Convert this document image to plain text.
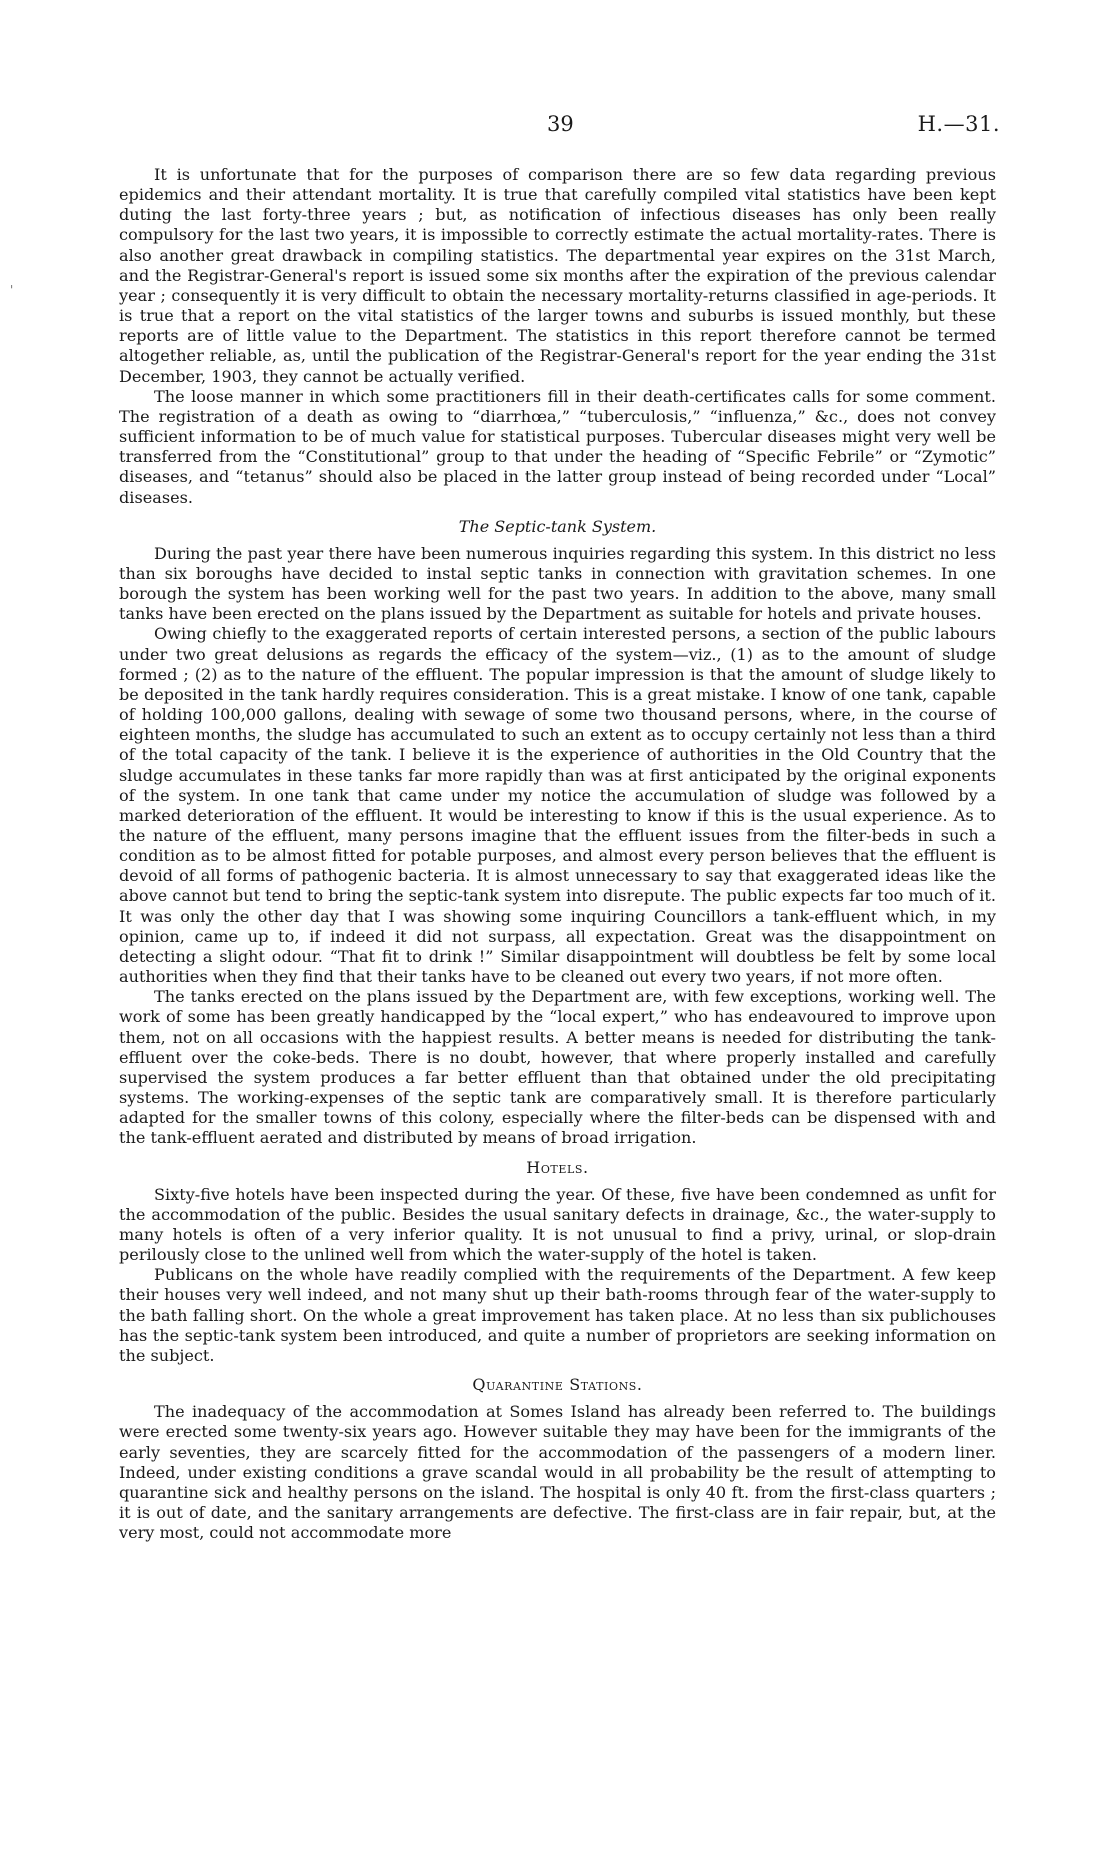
39	H.—31.
'

It is unfortunate that for the purposes of comparison there are so few data regarding previous epidemics and their attendant mortality. It is true that carefully compiled vital statistics have been kept duting the last forty-three years ; but, as notification of infectious diseases has only been really compulsory for the last two years, it is impossible to correctly estimate the actual mortality-rates. There is also another great drawback in compiling statistics. The departmental year expires on the 31st March, and the Registrar-General's report is issued some six months after the expiration of the previous calendar year ; consequently it is very difficult to obtain the necessary mortality-returns classified in age-periods. It is true that a report on the vital statistics of the larger towns and suburbs is issued monthly, but these reports are of little value to the Department. The statistics in this report therefore cannot be termed altogether reliable, as, until the publication of the Registrar-General's report for the year ending the 31st December, 1903, they cannot be actually verified.

The loose manner in which some practitioners fill in their death-certificates calls for some comment. The registration of a death as owing to “diarrhœa,” “tuberculosis,” “influenza,” &c., does not convey sufficient information to be of much value for statistical purposes. Tubercular diseases might very well be transferred from the “Constitutional” group to that under the heading of “Specific Febrile” or “Zymotic” diseases, and “tetanus” should also be placed in the latter group instead of being recorded under “Local” diseases.

The Septic-tank System.

During the past year there have been numerous inquiries regarding this system. In this district no less than six boroughs have decided to instal septic tanks in connection with gravitation schemes. In one borough the system has been working well for the past two years. In addition to the above, many small tanks have been erected on the plans issued by the Department as suitable for hotels and private houses.

Owing chiefly to the exaggerated reports of certain interested persons, a section of the public labours under two great delusions as regards the efficacy of the system—viz., (1) as to the amount of sludge formed ; (2) as to the nature of the effluent. The popular impression is that the amount of sludge likely to be deposited in the tank hardly requires consideration. This is a great mistake. I know of one tank, capable of holding 100,000 gallons, dealing with sewage of some two thousand persons, where, in the course of eighteen months, the sludge has accumulated to such an extent as to occupy certainly not less than a third of the total capacity of the tank. I believe it is the experience of authorities in the Old Country that the sludge accumulates in these tanks far more rapidly than was at first anticipated by the original exponents of the system. In one tank that came under my notice the accumulation of sludge was followed by a marked deterioration of the effluent. It would be interesting to know if this is the usual experience. As to the nature of the effluent, many persons imagine that the effluent issues from the filter-beds in such a condition as to be almost fitted for potable purposes, and almost every person believes that the effluent is devoid of all forms of pathogenic bacteria. It is almost unnecessary to say that exaggerated ideas like the above cannot but tend to bring the septic-tank system into disrepute. The public expects far too much of it. It was only the other day that I was showing some inquiring Councillors a tank-effluent which, in my opinion, came up to, if indeed it did not surpass, all expectation. Great was the disappointment on detecting a slight odour. “That fit to drink !” Similar disappointment will doubtless be felt by some local authorities when they find that their tanks have to be cleaned out every two years, if not more often.

The tanks erected on the plans issued by the Department are, with few exceptions, working well. The work of some has been greatly handicapped by the “local expert,” who has endeavoured to improve upon them, not on all occasions with the happiest results. A better means is needed for distributing the tank-effluent over the coke-beds. There is no doubt, however, that where properly installed and carefully supervised the system produces a far better effluent than that obtained under the old precipitating systems. The working-expenses of the septic tank are comparatively small. It is therefore particularly adapted for the smaller towns of this colony, especially where the filter-beds can be dispensed with and the tank-effluent aerated and distributed by means of broad irrigation.

Hotels.

Sixty-five hotels have been inspected during the year. Of these, five have been condemned as unfit for the accommodation of the public. Besides the usual sanitary defects in drainage, &c., the water-supply to many hotels is often of a very inferior quality. It is not unusual to find a privy, urinal, or slop-drain perilously close to the unlined well from which the water-supply of the hotel is taken.

Publicans on the whole have readily complied with the requirements of the Department. A few keep their houses very well indeed, and not many shut up their bath-rooms through fear of the water-supply to the bath falling short. On the whole a great improvement has taken place. At no less than six publichouses has the septic-tank system been introduced, and quite a number of proprietors are seeking information on the subject.

Quarantine Stations.

The inadequacy of the accommodation at Somes Island has already been referred to. The buildings were erected some twenty-six years ago. However suitable they may have been for the immigrants of the early seventies, they are scarcely fitted for the accommodation of the passengers of a modern liner. Indeed, under existing conditions a grave scandal would in all probability be the result of attempting to quarantine sick and healthy persons on the island. The hospital is only 40 ft. from the first-class quarters ; it is out of date, and the sanitary arrangements are defective. The first-class are in fair repair, but, at the very most, could not accommodate more
